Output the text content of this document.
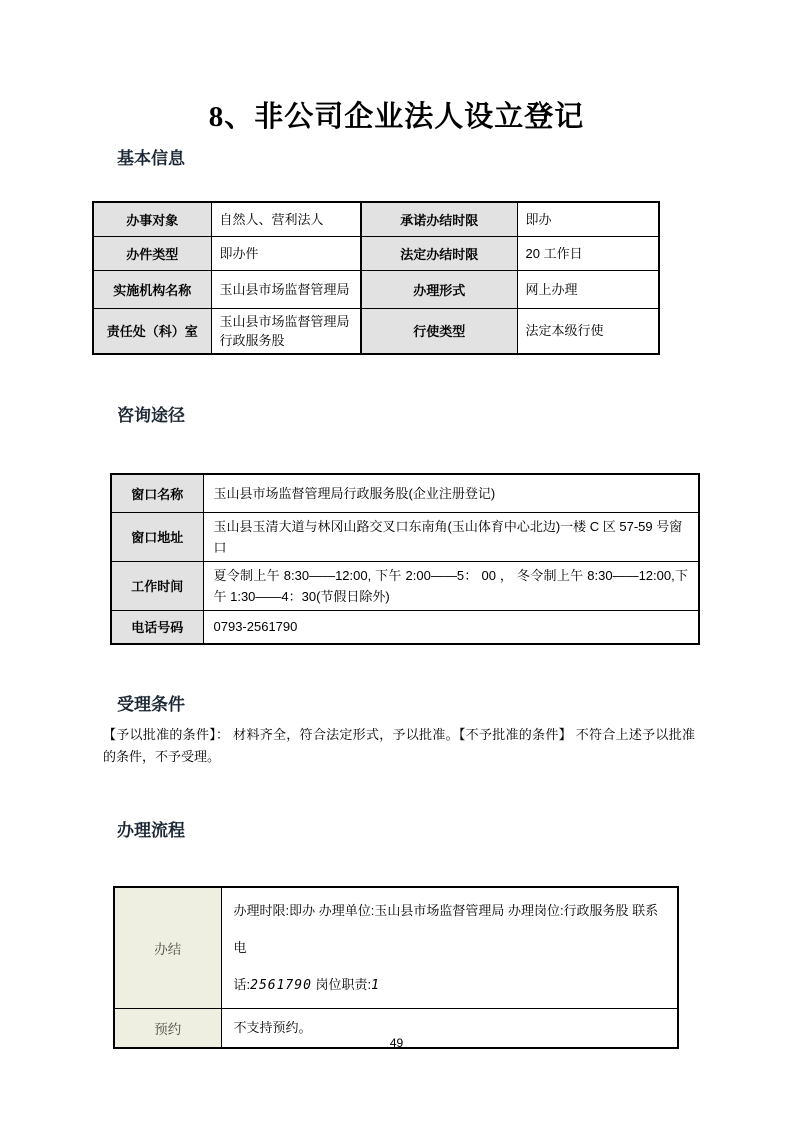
8、非公司企业法人设立登记
基本信息
办事对象	自然人、营利法人	承诺办结时限	即办
办件类型	即办件	法定办结时限	20 工作日
实施机构名称	玉山县市场监督管理局	办理形式	网上办理
责任处（科）室	玉山县市场监督管理局行政服务股	行使类型	法定本级行使
咨询途径
窗口名称	玉山县市场监督管理局行政服务股(企业注册登记)
窗口地址	玉山县玉清大道与林冈山路交叉口东南角(玉山体育中心北边)一楼 C 区 57-59 号窗口
工作时间	夏令制上午 8:30——12:00, 下午 2:00——5： 00 ， 冬令制上午 8:30——12:00,下午 1:30——4：30(节假日除外)
电话号码	0793-2561790
受理条件
【予以批准的条件】： 材料齐全，符合法定形式，予以批准。【不予批准的条件】 不符合上述予以批准的条件，不予受理。
办理流程
办结	办理时限:即办 办理单位:玉山县市场监督管理局 办理岗位:行政服务股 联系电
话:2561790 岗位职责:1
预约	不支持预约。
49
